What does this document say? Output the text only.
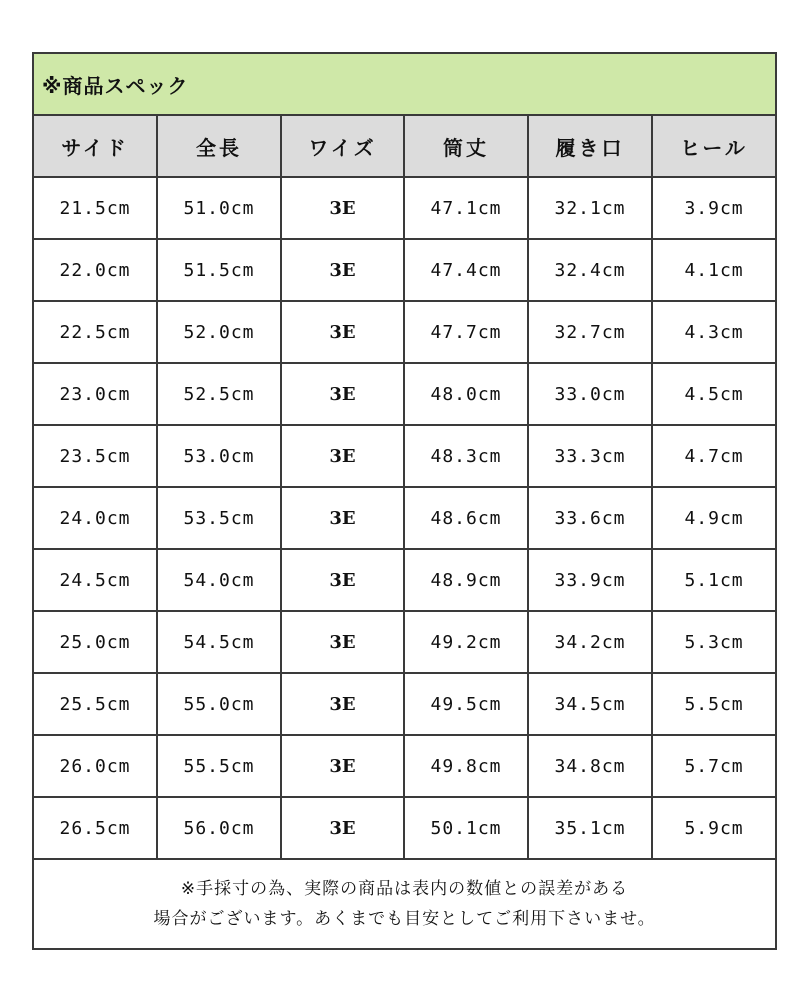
※商品スペック					
サイド	全長	ワイズ	筒丈	履き口	ヒール
21.5cm	51.0cm	3E	47.1cm	32.1cm	3.9cm
22.0cm	51.5cm	3E	47.4cm	32.4cm	4.1cm
22.5cm	52.0cm	3E	47.7cm	32.7cm	4.3cm
23.0cm	52.5cm	3E	48.0cm	33.0cm	4.5cm
23.5cm	53.0cm	3E	48.3cm	33.3cm	4.7cm
24.0cm	53.5cm	3E	48.6cm	33.6cm	4.9cm
24.5cm	54.0cm	3E	48.9cm	33.9cm	5.1cm
25.0cm	54.5cm	3E	49.2cm	34.2cm	5.3cm
25.5cm	55.0cm	3E	49.5cm	34.5cm	5.5cm
26.0cm	55.5cm	3E	49.8cm	34.8cm	5.7cm
26.5cm	56.0cm	3E	50.1cm	35.1cm	5.9cm

※手採寸の為、実際の商品は表内の数値との誤差がある
場合がございます。あくまでも目安としてご利用下さいませ。					
